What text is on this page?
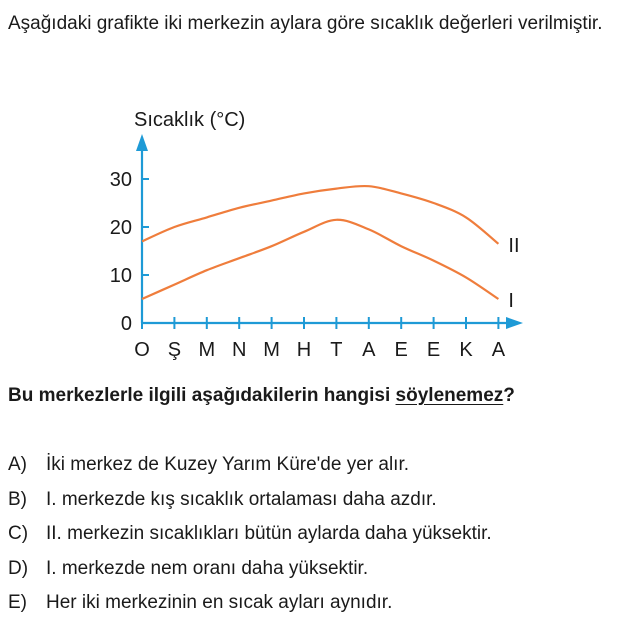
Aşağıdaki grafikte iki merkezin aylara göre sıcaklık değerleri verilmiştir.
Sıcaklık (°C)
0
10
20
30
O Ş M N M H T A E E K A
I
II
Bu merkezlerle ilgili aşağıdakilerin hangisi söylenemez?
A)	İki merkez de Kuzey Yarım Küre'de yer alır.
B)	I. merkezde kış sıcaklık ortalaması daha azdır.
C) II. merkezin sıcaklıkları bütün aylarda daha yüksektir.
D) I. merkezde nem oranı daha yüksektir.
E)	Her iki merkezinin en sıcak ayları aynıdır.
